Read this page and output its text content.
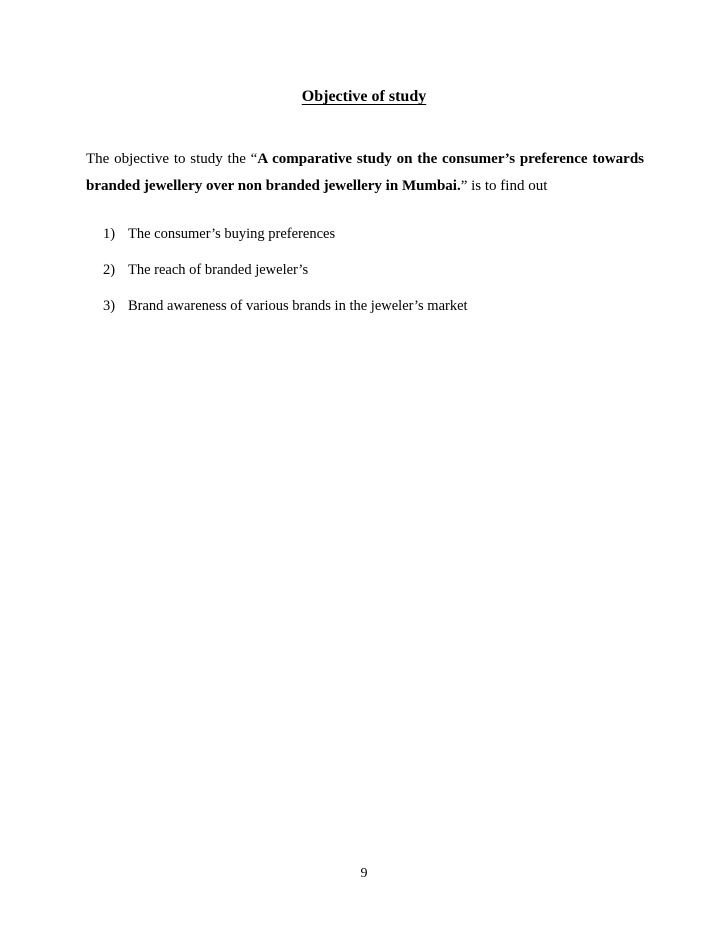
Objective of study
The objective to study the “A comparative study on the consumer’s preference towards
branded jewellery over non branded jewellery in Mumbai.” is to find out
1) The consumer’s buying preferences
2) The reach of branded jeweler’s
3) Brand awareness of various brands in the jeweler’s market
9
